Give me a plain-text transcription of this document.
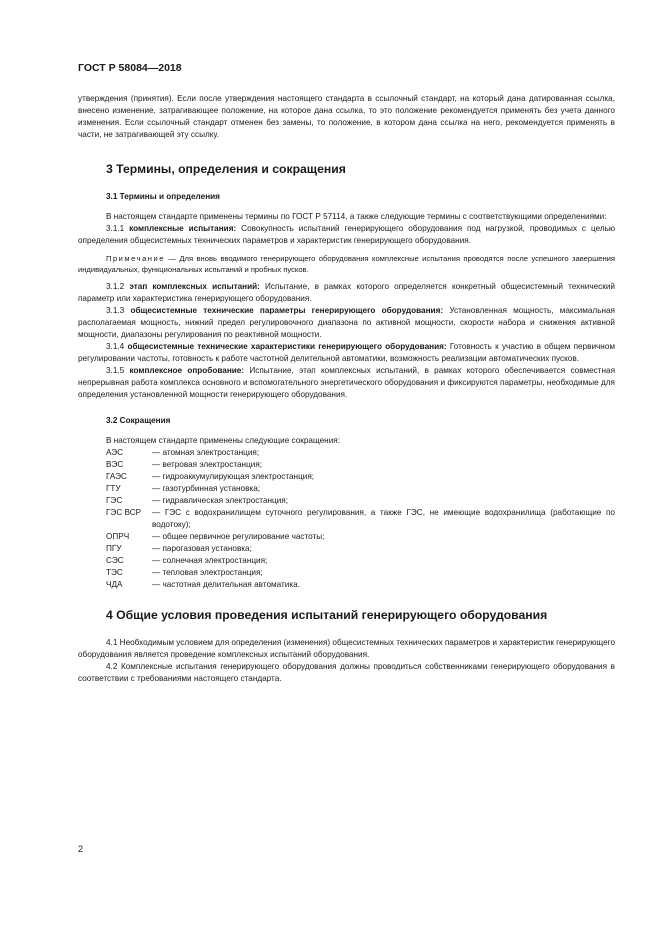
ГОСТ Р 58084—2018

утверждения (принятия). Если после утверждения настоящего стандарта в ссылочный стандарт, на который дана датированная ссылка, внесено изменение, затрагивающее положение, на которое дана ссылка, то это положение рекомендуется применять без учета данного изменения. Если ссылочный стандарт отменен без замены, то положение, в котором дана ссылка на него, рекомендуется применять в части, не затрагивающей эту ссылку.

3 Термины, определения и сокращения
3.1 Термины и определения

В настоящем стандарте применены термины по ГОСТ Р 57114, а также следующие термины с соответствующими определениями:

3.1.1 комплексные испытания: Совокупность испытаний генерирующего оборудования под нагрузкой, проводимых с целью определения общесистемных технических параметров и характеристик генерирующего оборудования.

Примечание — Для вновь вводимого генерирующего оборудования комплексные испытания проводятся после успешного завершения индивидуальных, функциональных испытаний и пробных пусков.

3.1.2 этап комплексных испытаний: Испытание, в рамках которого определяется конкретный общесистемный технический параметр или характеристика генерирующего оборудования.

3.1.3 общесистемные технические параметры генерирующего оборудования: Установленная мощность, максимальная располагаемая мощность, нижний предел регулировочного диапазона по активной мощности, скорости набора и снижения активной мощности, диапазоны регулирования по реактивной мощности.

3.1.4 общесистемные технические характеристики генерирующего оборудования: Готовность к участию в общем первичном регулировании частоты, готовность к работе частотной делительной автоматики, возможность реализации автоматических пусков.

3.1.5 комплексное опробование: Испытание, этап комплексных испытаний, в рамках которого обеспечивается совместная непрерывная работа комплекса основного и вспомогательного энергетического оборудования и фиксируются параметры, необходимые для определения установленной мощности генерирующего оборудования.

3.2 Сокращения

В настоящем стандарте применены следующие сокращения:

АЭС	— атомная электростанция;
ВЭС	— ветровая электростанция;
ГАЭС	— гидроаккумулирующая электростанция;
ГТУ	— газотурбинная установка;
ГЭС	— гидравлическая электростанция;
ГЭС ВСР	— ГЭС с водохранилищем суточного регулирования, а также ГЭС, не имеющие водохранилища (работающие по водотоку);
ОПРЧ	— общее первичное регулирование частоты;
ПГУ	— парогазовая установка;
СЭС	— солнечная электростанция;
ТЭС	— тепловая электростанция;
ЧДА	— частотная делительная автоматика.
4 Общие условия проведения испытаний генерирующего оборудования

4.1 Необходимым условием для определения (изменения) общесистемных технических параметров и характеристик генерирующего оборудования является проведение комплексных испытаний оборудования.

4.2 Комплексные испытания генерирующего оборудования должны проводиться собственниками генерирующего оборудования в соответствии с требованиями настоящего стандарта.

2
